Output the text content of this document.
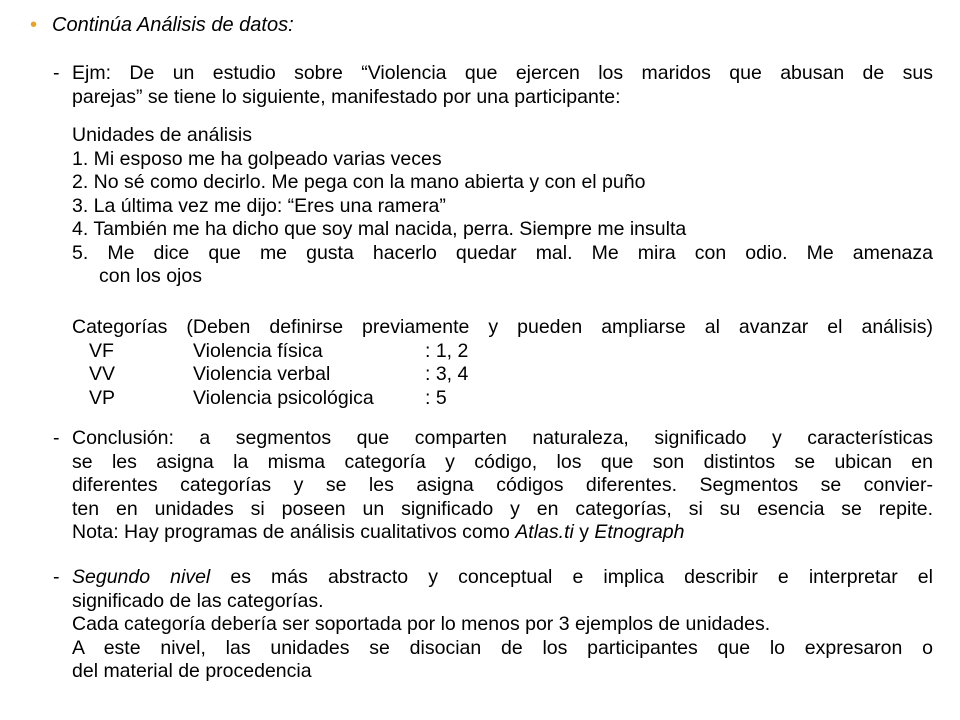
• Continúa Análisis de datos:
- Ejm: De un estudio sobre “Violencia que ejercen los maridos que abusan de sus
parejas” se tiene lo siguiente, manifestado por una participante:
Unidades de análisis
1. Mi esposo me ha golpeado varias veces
2. No sé como decirlo. Me pega con la mano abierta y con el puño
3. La última vez me dijo: “Eres una ramera”
4. También me ha dicho que soy mal nacida, perra. Siempre me insulta
5. Me dice que me gusta hacerlo quedar mal. Me mira con odio. Me amenaza
con los ojos
Categorías (Deben definirse previamente y pueden ampliarse al avanzar el análisis)
VF	Violencia física	: 1, 2
VV	Violencia verbal	: 3, 4
VP	Violencia psicológica	: 5
- Conclusión: a segmentos que comparten naturaleza, significado y características
se les asigna la misma categoría y código, los que son distintos se ubican en
diferentes categorías y se les asigna códigos diferentes. Segmentos se convier-
ten en unidades si poseen un significado y en categorías, si su esencia se repite.
Nota: Hay programas de análisis cualitativos como Atlas.ti y Etnograph
- Segundo nivel es más abstracto y conceptual e implica describir e interpretar el
significado de las categorías.
Cada categoría debería ser soportada por lo menos por 3 ejemplos de unidades.
A este nivel, las unidades se disocian de los participantes que lo expresaron o
del material de procedencia
